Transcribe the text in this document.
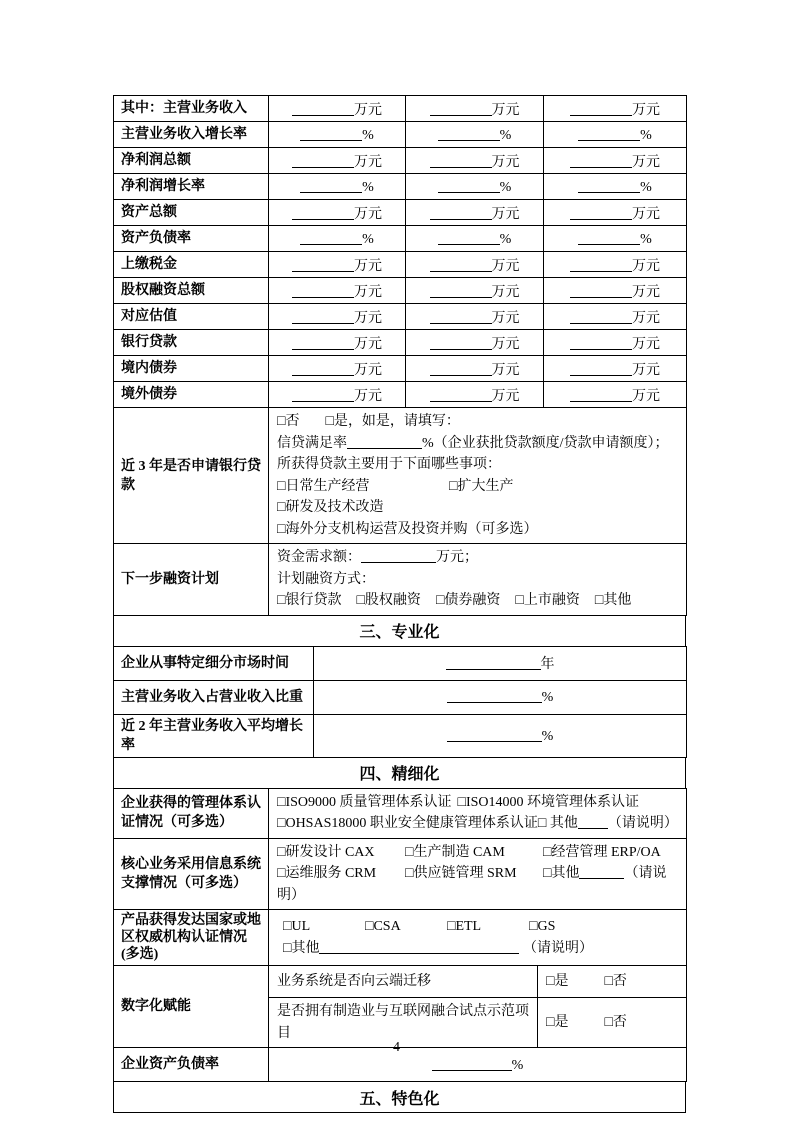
其中：主营业务收入	万元	万元	万元
主营业务收入增长率	%	%	%
净利润总额	万元	万元	万元
净利润增长率	%	%	%
资产总额	万元	万元	万元
资产负债率	%	%	%
上缴税金	万元	万元	万元
股权融资总额	万元	万元	万元
对应估值	万元	万元	万元
银行贷款	万元	万元	万元
境内债券	万元	万元	万元
境外债券	万元	万元	万元
近 3 年是否申请银行贷款	□否 □是，如是，请填写：
信贷满足率 %（企业获批贷款额度/贷款申请额度）；
所获得贷款主要用于下面哪些事项：
□日常生产经营 □扩大生产
□研发及技术改造□海外分支机构运营及投资并购（可多选）		

下一步融资计划	资金需求额： 万元；
计划融资方式：
□银行贷款 □股权融资 □债券融资 □上市融资 □其他		
三、专业化
企业从事特定细分市场时间	年
主营业务收入占营业收入比重	%
近 2 年主营业务收入平均增长率	%
四、精细化
企业获得的管理体系认证情况（可多选）	□ISO9000 质量管理体系认证 □ISO14000 环境管理体系认证
□OHSAS18000 职业安全健康管理体系认证□ 其他 （请说明）	

核心业务采用信息系统支撑情况（可多选）	□研发设计 CAX □生产制造 CAM □经营管理 ERP/OA
□运维服务 CRM □供应链管理 SRM □其他 （请说明）	

产品获得发达国家或地区权威机构认证情况(多选)	□UL □CSA □ETL □GS
□其他 （请说明）	

数字化赋能	业务系统是否向云端迁移	□是 □否
	是否拥有制造业与互联网融合试点示范项目	□是 □否
企业资产负债率	%	
五、特色化
4
